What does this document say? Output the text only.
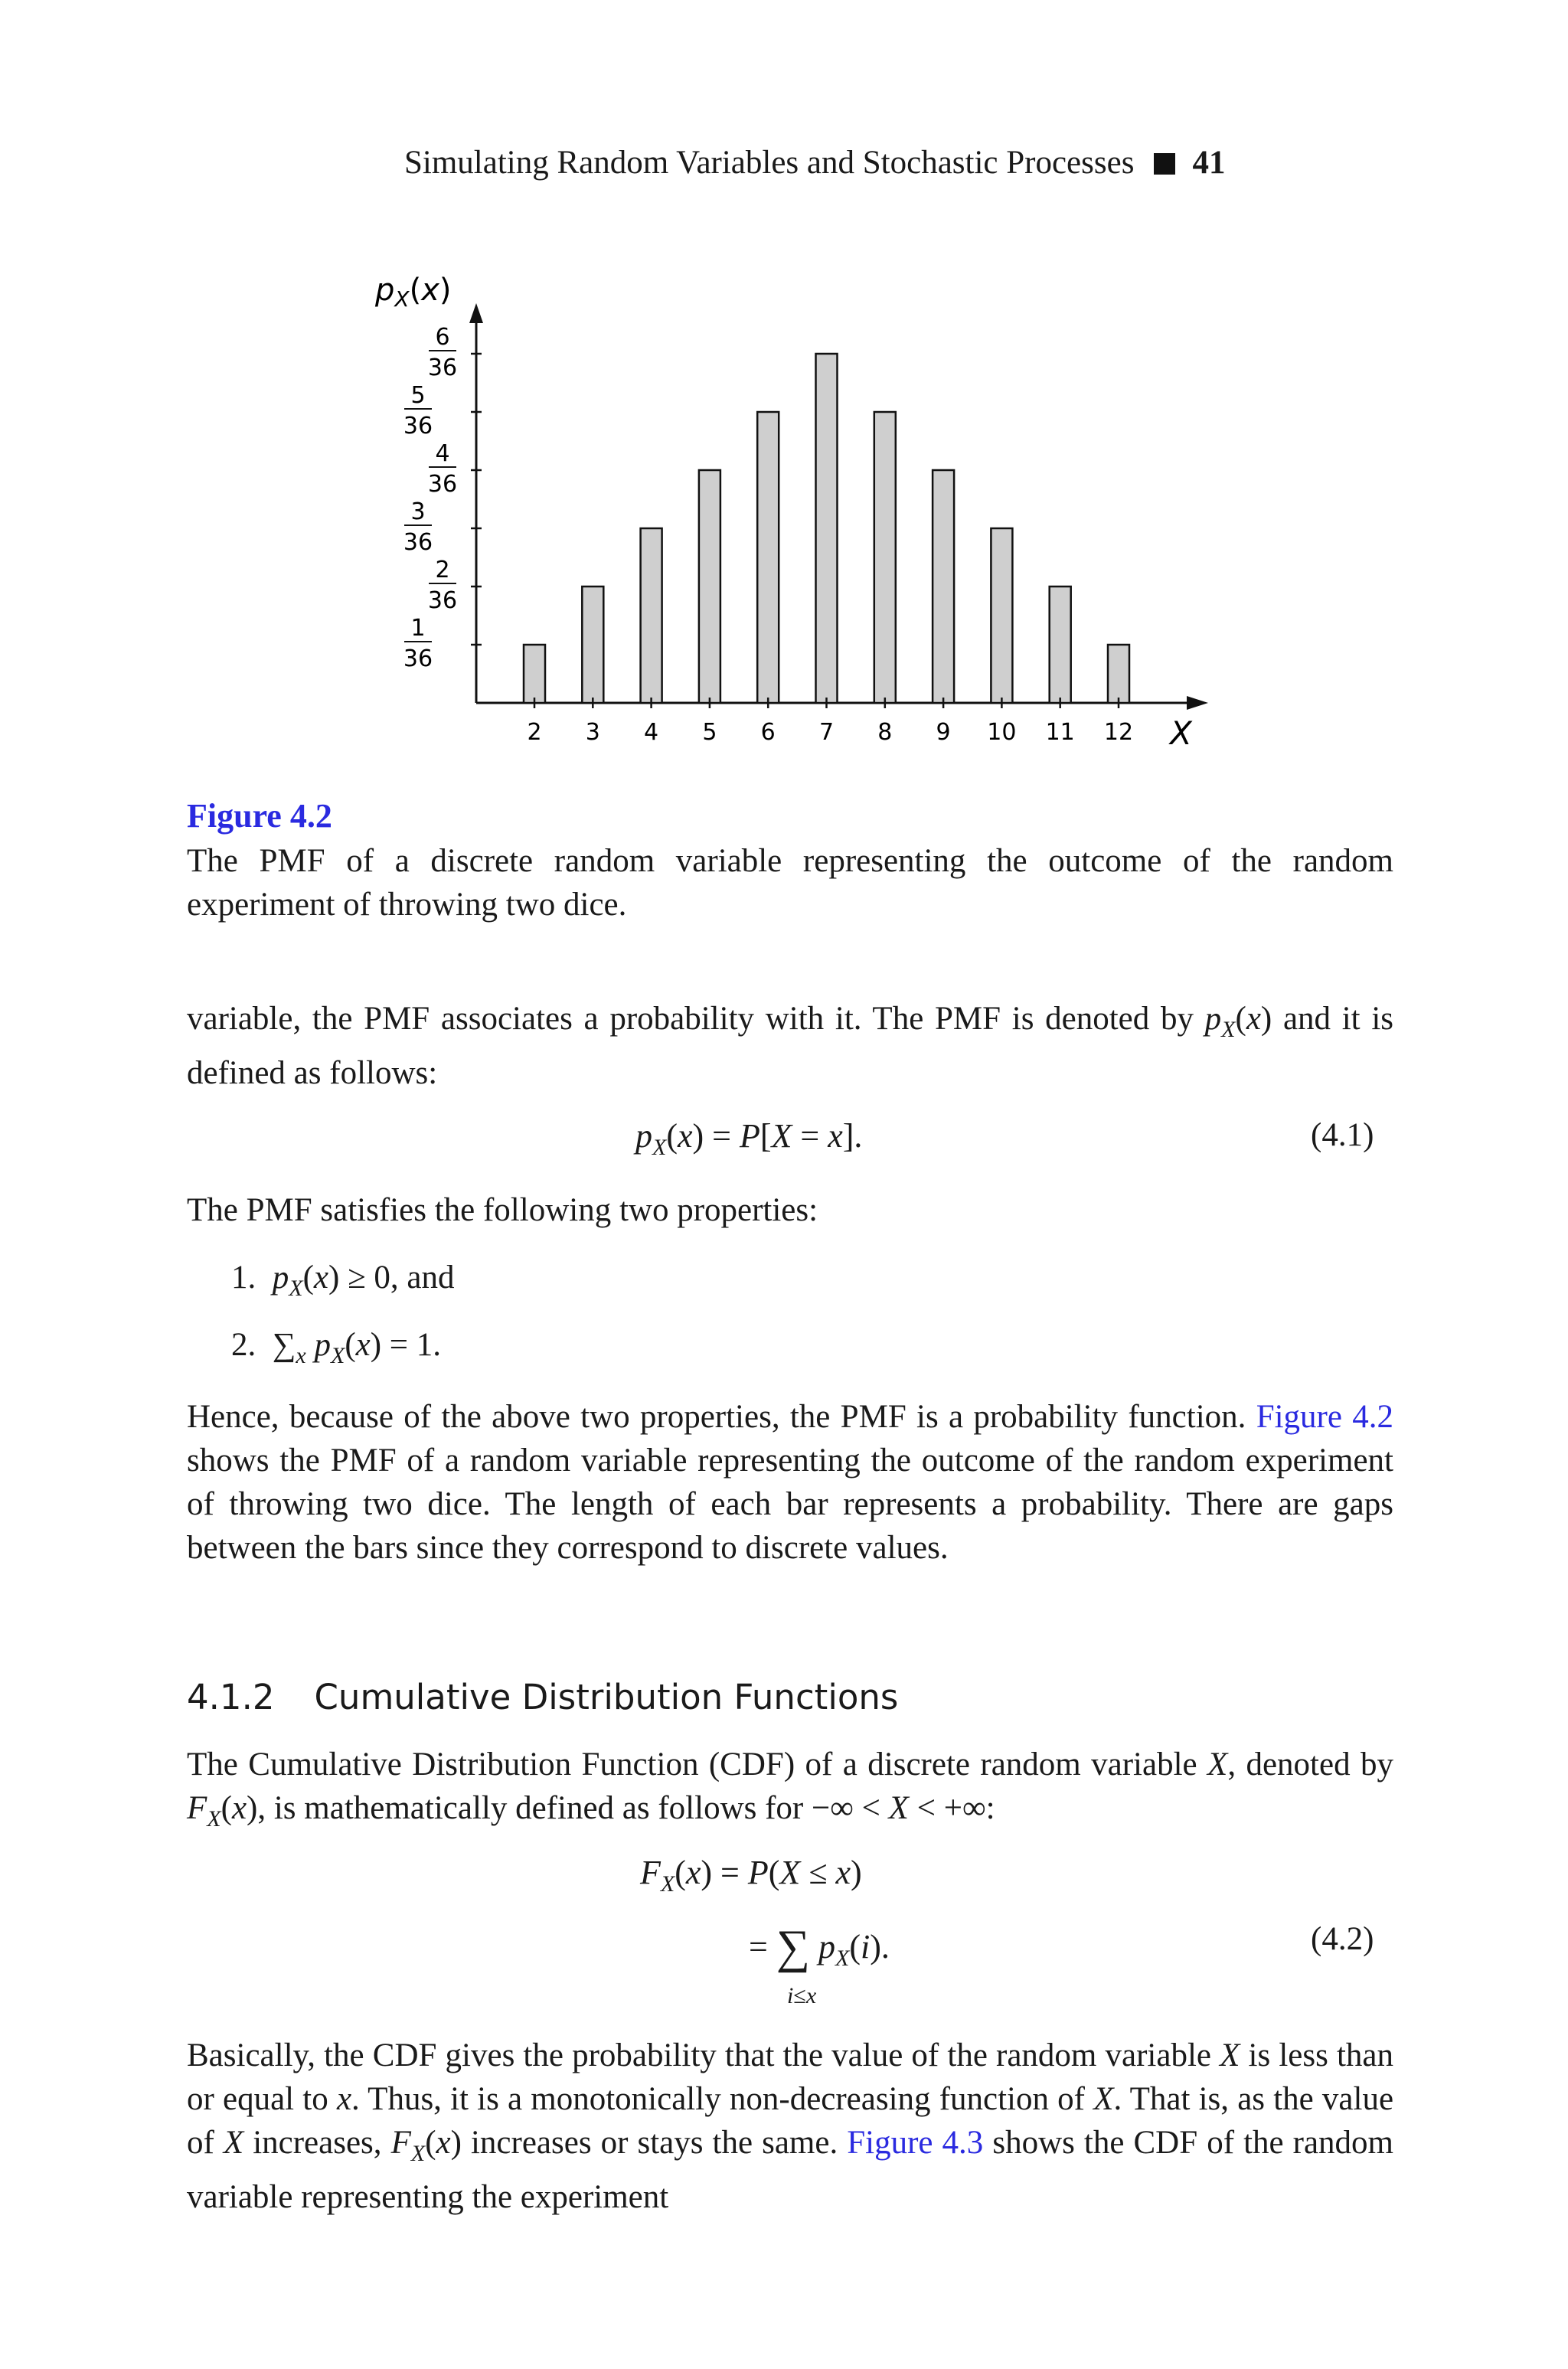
Simulating Random Variables and Stochastic Processes 41
$p_X(x)$
X
1
36
2
36
3
36
4
36
5
36
6
36
2 3 4 5 6 7 8 9 10 11 12
Figure 4.2
The PMF of a discrete random variable representing the outcome of the random experiment of throwing two dice.
variable, the PMF associates a probability with it. The PMF is denoted by $p_X(x)$ and it is defined as follows:
$p_X(x) = P[X = x]$.	(4.1)
The PMF satisfies the following two properties:
1. $p_X(x) \ge 0$, and
2.  $\sum_x$ $p_X(x) = 1$.
Hence, because of the above two properties, the PMF is a probability function. Figure 4.2 shows the PMF of a random variable representing the outcome of the random experiment of throwing two dice. The length of each bar represents a probability. There are gaps between the bars since they correspond to discrete values.
4.1.2 Cumulative Distribution Functions
The Cumulative Distribution Function (CDF) of a discrete random variable X, denoted by $F_X(x)$, is mathematically defined as follows for −∞ < X < +∞:
$F_X(x) = P(X \le x)$
= ∑ $p_X(i)$.
i≤x
(4.2)
Basically, the CDF gives the probability that the value of the random variable X is less than or equal to x. Thus, it is a monotonically non-decreasing function of X. That is, as the value of X increases, $F_X(x)$ increases or stays the same. Figure 4.3 shows the CDF of the random variable representing the experiment
